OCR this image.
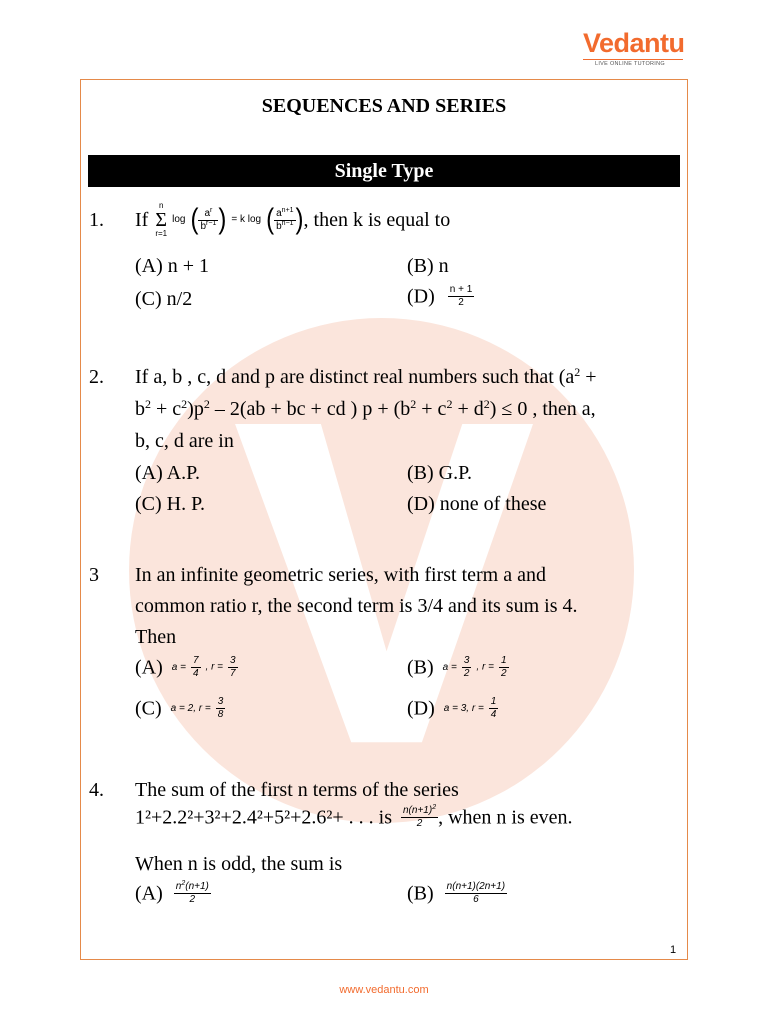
Vedantu
LIVE ONLINE TUTORING
SEQUENCES AND SERIES
Single Type
1. If
n
Σ
r=1
log ( $\frac{a^r}{b^{r-1}}$ ) = k log ( $\frac{a^{n+1}}{b^{n-1}}$ ), then k is equal to
(A) n + 1	(B) n
(C) n/2	$(D) \frac{n + 1}{2}$
2. If a, b , c, d and p are distinct real numbers such that ($a^2$ +
$b^2 + c^2)p^2 - 2(ab$ + bc + cd ) $p + (b^2 + c^2 + d^2) \le 0$ , then a,
b, c, d are in
(A) A.P.	(B) G.P.
(C) H. P.	(D) none of these
3 In an infinite geometric series, with first term a and
common ratio r, the second term is 3/4 and its sum is 4.
Then
(A) $a = \frac{7}{4}$ , $r = \frac{3}{7}$	(B) $a = \frac{3}{2}$ , $r = \frac{1}{2}$
(C) a = 2, $r = \frac{3}{8}$	(D) a = 3, $r = \frac{1}{4}$
4. The sum of the first n terms of the series
1²+2.2²+3²+2.4²+5²+2.6²+ . . . is $\frac{n(n+1)^2}{2}$ , when n is even.
When n is odd, the sum is
$(A) \frac{n^2(n+1)}{2}$	$(B) \frac{n(n+1)(2n+1)}{6}$
1
www.vedantu.com
